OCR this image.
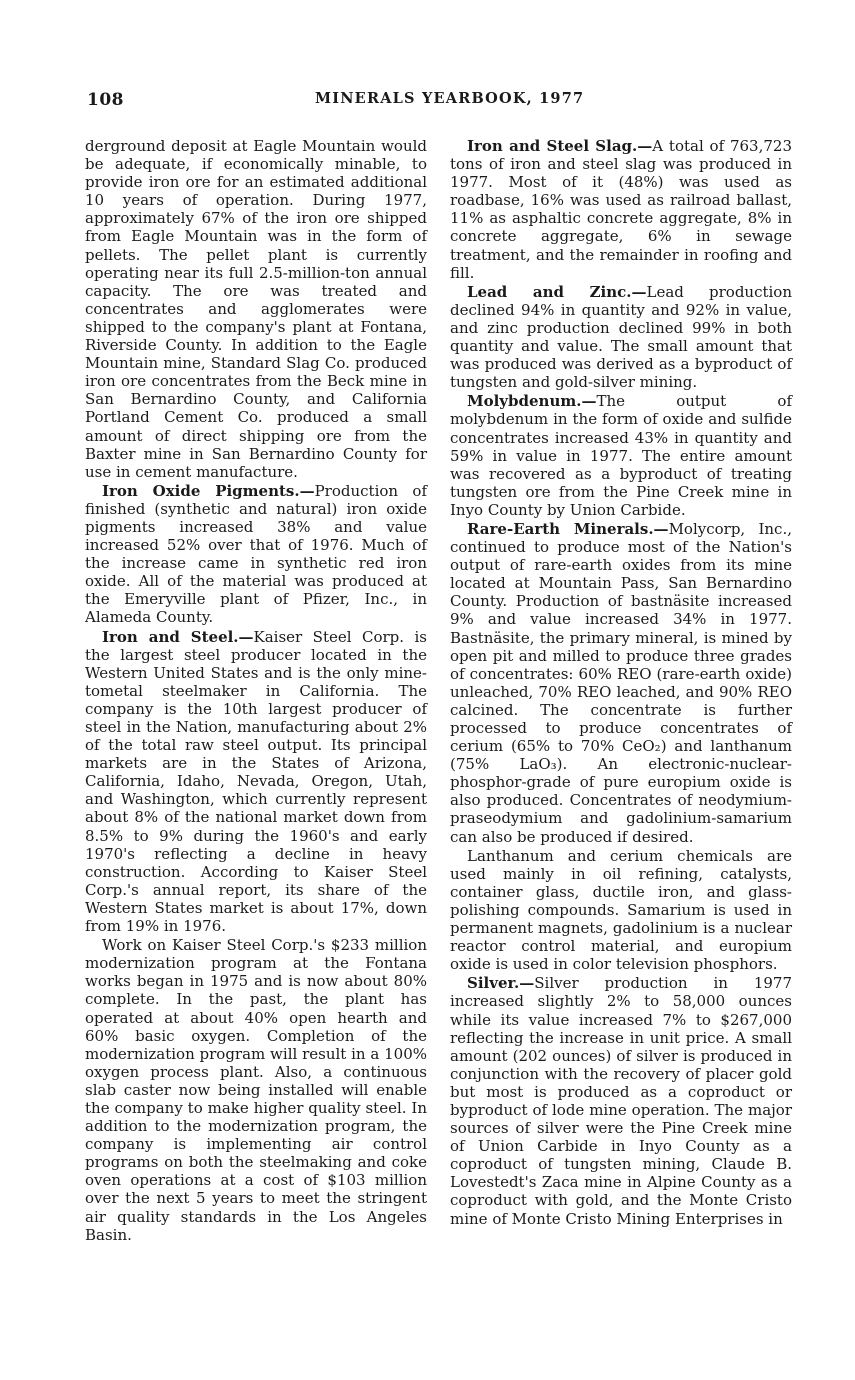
108	MINERALS YEARBOOK, 1977

derground deposit at Eagle Mountain would be adequate, if economically minable, to provide iron ore for an estimated additional 10 years of operation. During 1977, approximately 67% of the iron ore shipped from Eagle Mountain was in the form of pellets. The pellet plant is currently operating near its full 2.5-million-ton annual capacity. The ore was treated and concentrates and agglomerates were shipped to the company's plant at Fontana, Riverside County. In addition to the Eagle Mountain mine, Standard Slag Co. produced iron ore concentrates from the Beck mine in San Bernardino County, and California Portland Cement Co. produced a small amount of direct shipping ore from the Baxter mine in San Bernardino County for use in cement manufacture.

Iron Oxide Pigments.—Production of finished (synthetic and natural) iron oxide pigments increased 38% and value increased 52% over that of 1976. Much of the increase came in synthetic red iron oxide. All of the material was produced at the Emeryville plant of Pfizer, Inc., in Alameda County.

Iron and Steel.—Kaiser Steel Corp. is the largest steel producer located in the Western United States and is the only mine-tometal steelmaker in California. The company is the 10th largest producer of steel in the Nation, manufacturing about 2% of the total raw steel output. Its principal markets are in the States of Arizona, California, Idaho, Nevada, Oregon, Utah, and Washington, which currently represent about 8% of the national market down from 8.5% to 9% during the 1960's and early 1970's reflecting a decline in heavy construction. According to Kaiser Steel Corp.'s annual report, its share of the Western States market is about 17%, down from 19% in 1976.

Work on Kaiser Steel Corp.'s $233 million modernization program at the Fontana works began in 1975 and is now about 80% complete. In the past, the plant has operated at about 40% open hearth and 60% basic oxygen. Completion of the modernization program will result in a 100% oxygen process plant. Also, a continuous slab caster now being installed will enable the company to make higher quality steel. In addition to the modernization program, the company is implementing air control programs on both the steelmaking and coke oven operations at a cost of $103 million over the next 5 years to meet the stringent air quality standards in the Los Angeles Basin.

Iron and Steel Slag.—A total of 763,723 tons of iron and steel slag was produced in 1977. Most of it (48%) was used as roadbase, 16% was used as railroad ballast, 11% as asphaltic concrete aggregate, 8% in concrete aggregate, 6% in sewage treatment, and the remainder in roofing and fill.

Lead and Zinc.—Lead production declined 94% in quantity and 92% in value, and zinc production declined 99% in both quantity and value. The small amount that was produced was derived as a byproduct of tungsten and gold-silver mining.

Molybdenum.—The output of molybdenum in the form of oxide and sulfide concentrates increased 43% in quantity and 59% in value in 1977. The entire amount was recovered as a byproduct of treating tungsten ore from the Pine Creek mine in Inyo County by Union Carbide.

Rare-Earth Minerals.—Molycorp, Inc., continued to produce most of the Nation's output of rare-earth oxides from its mine located at Mountain Pass, San Bernardino County. Production of bastnäsite increased 9% and value increased 34% in 1977. Bastnäsite, the primary mineral, is mined by open pit and milled to produce three grades of concentrates: 60% REO (rare-earth oxide) unleached, 70% REO leached, and 90% REO calcined. The concentrate is further processed to produce concentrates of cerium (65% to 70% CeO₂) and lanthanum (75% LaO₃). An electronic-nuclear-phosphor-grade of pure europium oxide is also produced. Concentrates of neodymium-praseodymium and gadolinium-samarium can also be produced if desired.

Lanthanum and cerium chemicals are used mainly in oil refining, catalysts, container glass, ductile iron, and glass-polishing compounds. Samarium is used in permanent magnets, gadolinium is a nuclear reactor control material, and europium oxide is used in color television phosphors.

Silver.—Silver production in 1977 increased slightly 2% to 58,000 ounces while its value increased 7% to $267,000 reflecting the increase in unit price. A small amount (202 ounces) of silver is produced in conjunction with the recovery of placer gold but most is produced as a coproduct or byproduct of lode mine operation. The major sources of silver were the Pine Creek mine of Union Carbide in Inyo County as a coproduct of tungsten mining, Claude B. Lovestedt's Zaca mine in Alpine County as a coproduct with gold, and the Monte Cristo mine of Monte Cristo Mining Enterprises in
